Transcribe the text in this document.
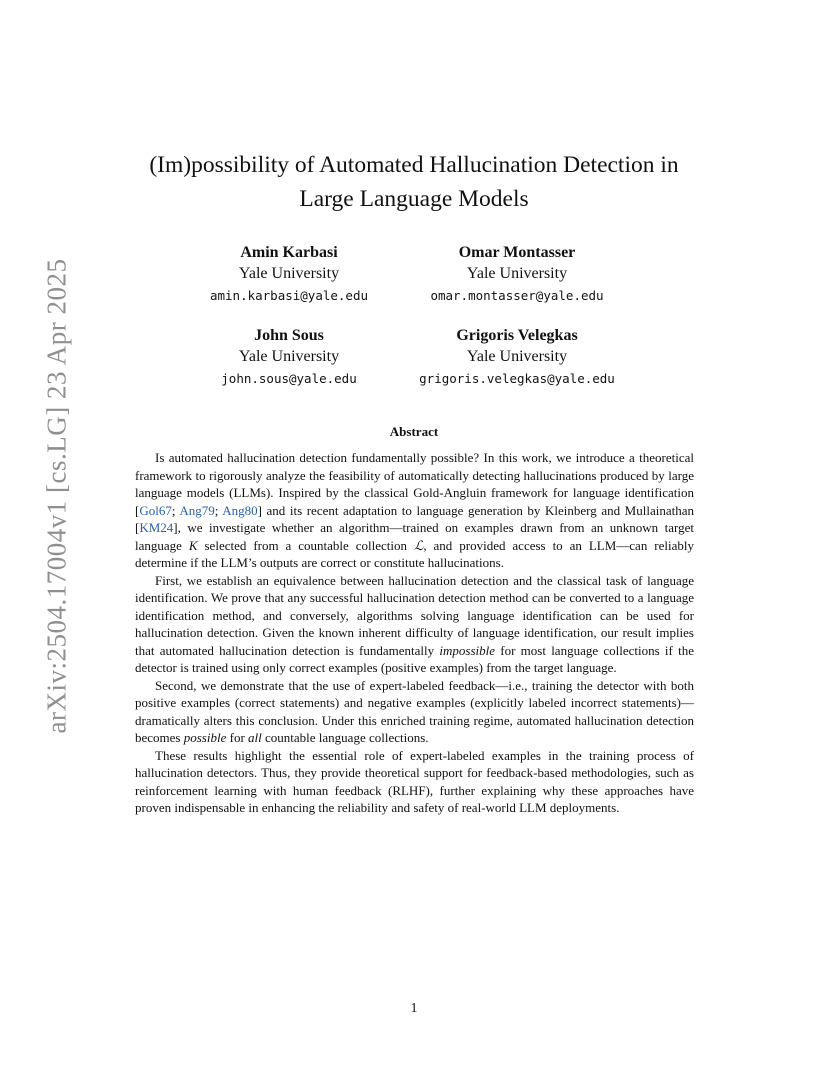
arXiv:2504.17004v1 [cs.LG] 23 Apr 2025
(Im)possibility of Automated Hallucination Detection in
Large Language Models
Amin Karbasi
Yale University
amin.karbasi@yale.edu
Omar Montasser
Yale University
omar.montasser@yale.edu
John Sous
Yale University
john.sous@yale.edu
Grigoris Velegkas
Yale University
grigoris.velegkas@yale.edu
Abstract

Is automated hallucination detection fundamentally possible? In this work, we introduce a theoretical framework to rigorously analyze the feasibility of automatically detecting hallucinations produced by large language models (LLMs). Inspired by the classical Gold-Angluin framework for language identification [Gol67; Ang79; Ang80] and its recent adaptation to language generation by Kleinberg and Mullainathan [KM24], we investigate whether an algorithm—trained on examples drawn from an unknown target language K selected from a countable collection ℒ, and provided access to an LLM—can reliably determine if the LLM’s outputs are correct or constitute hallucinations.

First, we establish an equivalence between hallucination detection and the classical task of language identification. We prove that any successful hallucination detection method can be converted to a language identification method, and conversely, algorithms solving language identification can be used for hallucination detection. Given the known inherent difficulty of language identification, our result implies that automated hallucination detection is fundamentally impossible for most language collections if the detector is trained using only correct examples (positive examples) from the target language.

Second, we demonstrate that the use of expert-labeled feedback—i.e., training the detector with both positive examples (correct statements) and negative examples (explicitly labeled incorrect statements)—dramatically alters this conclusion. Under this enriched training regime, automated hallucination detection becomes possible for all countable language collections.

These results highlight the essential role of expert-labeled examples in the training process of hallucination detectors. Thus, they provide theoretical support for feedback-based methodologies, such as reinforcement learning with human feedback (RLHF), further explaining why these approaches have proven indispensable in enhancing the reliability and safety of real-world LLM deployments.

1
